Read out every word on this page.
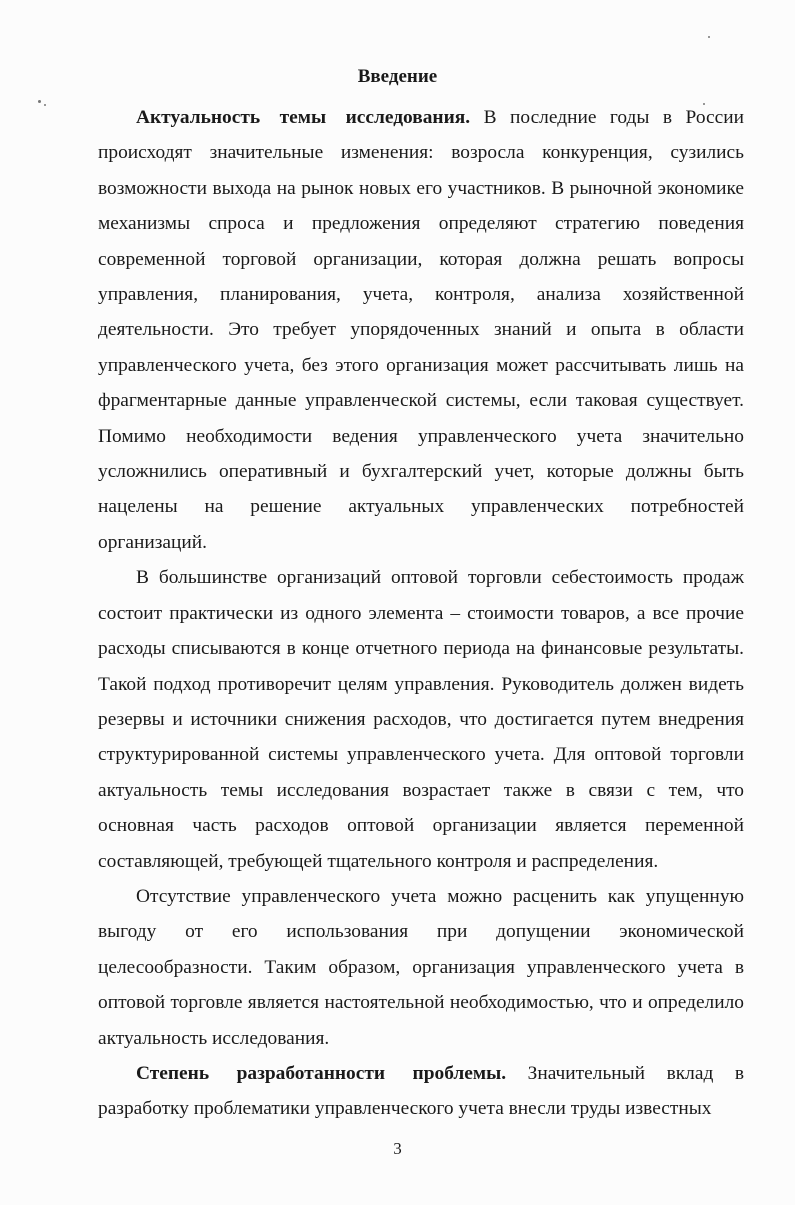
Введение

Актуальность темы исследования. В последние годы в России происходят значительные изменения: возросла конкуренция, сузились возможности выхода на рынок новых его участников. В рыночной экономике механизмы спроса и предложения определяют стратегию поведения современной торговой организации, которая должна решать вопросы управления, планирования, учета, контроля, анализа хозяйственной деятельности. Это требует упорядоченных знаний и опыта в области управленческого учета, без этого организация может рассчитывать лишь на фрагментарные данные управленческой системы, если таковая существует. Помимо необходимости ведения управленческого учета значительно усложнились оперативный и бухгалтерский учет, которые должны быть нацелены на решение актуальных управленческих потребностей организаций.

В большинстве организаций оптовой торговли себестоимость продаж состоит практически из одного элемента – стоимости товаров, а все прочие расходы списываются в конце отчетного периода на финансовые результаты. Такой подход противоречит целям управления. Руководитель должен видеть резервы и источники снижения расходов, что достигается путем внедрения структурированной системы управленческого учета. Для оптовой торговли актуальность темы исследования возрастает также в связи с тем, что основная часть расходов оптовой организации является переменной составляющей, требующей тщательного контроля и распределения.

Отсутствие управленческого учета можно расценить как упущенную выгоду от его использования при допущении экономической целесообразности. Таким образом, организация управленческого учета в оптовой торговле является настоятельной необходимостью, что и определило актуальность исследования.

Степень разработанности проблемы. Значительный вклад в разработку проблематики управленческого учета внесли труды известных

3
